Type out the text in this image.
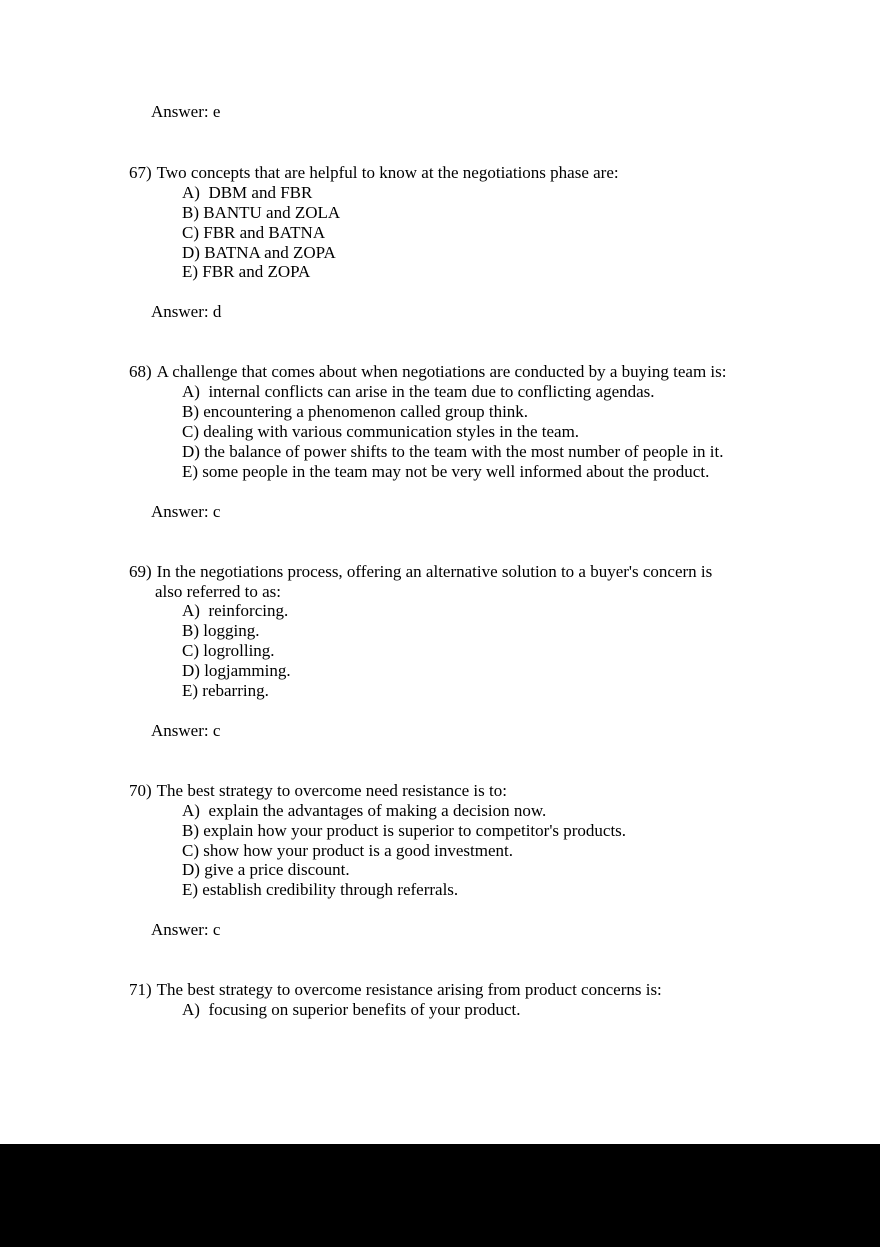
Answer: e

67) Two concepts that are helpful to know at the negotiations phase are:

A)  DBM and FBR

B) BANTU and ZOLA

C) FBR and BATNA

D) BATNA and ZOPA

E) FBR and ZOPA

Answer: d

68) A challenge that comes about when negotiations are conducted by a buying team is:

A)  internal conflicts can arise in the team due to conflicting agendas.

B) encountering a phenomenon called group think.

C) dealing with various communication styles in the team.

D) the balance of power shifts to the team with the most number of people in it.

E) some people in the team may not be very well informed about the product.

Answer: c

69) In the negotiations process, offering an alternative solution to a buyer's concern is
also referred to as:

A)  reinforcing.

B) logging.

C) logrolling.

D) logjamming.

E) rebarring.

Answer: c

70) The best strategy to overcome need resistance is to:

A)  explain the advantages of making a decision now.

B) explain how your product is superior to competitor's products.

C) show how your product is a good investment.

D) give a price discount.

E) establish credibility through referrals.

Answer: c

71) The best strategy to overcome resistance arising from product concerns is:

A)  focusing on superior benefits of your product.
